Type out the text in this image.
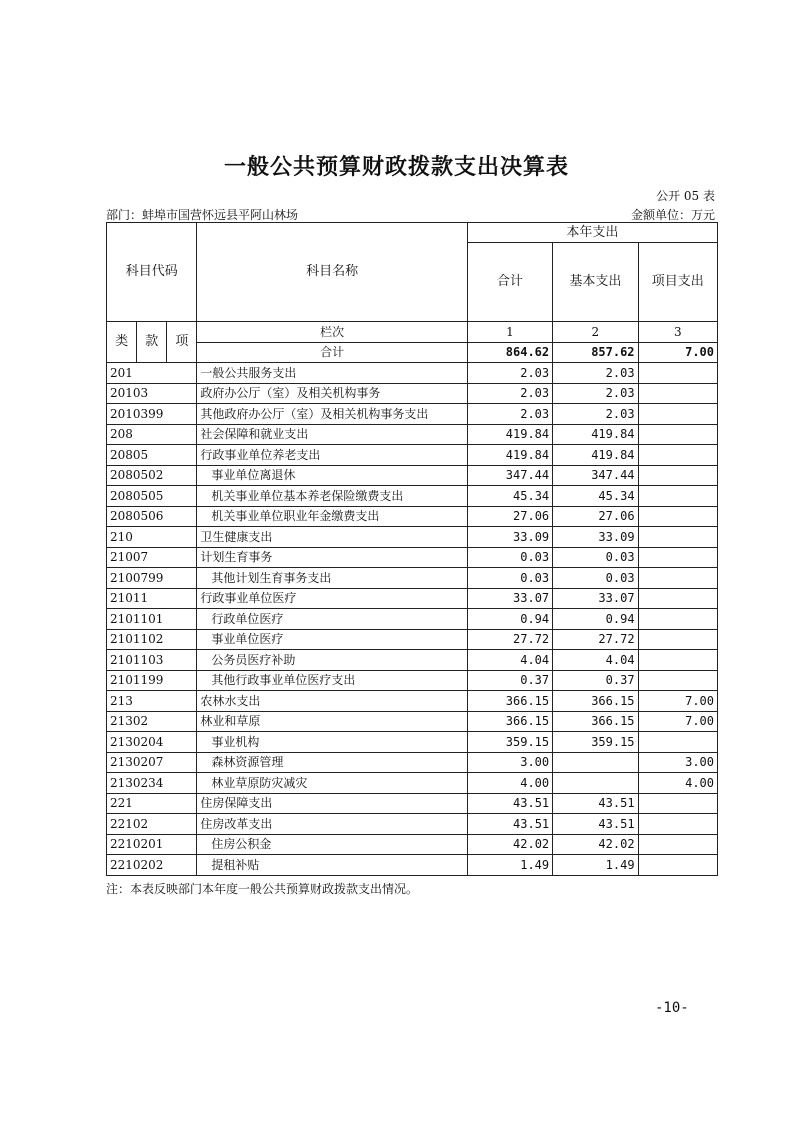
一般公共预算财政拨款支出决算表
公开 05 表
部门：蚌埠市国营怀远县平阿山林场	金额单位：万元
科目代码			科目名称	本年支出		
				合计	基本支出	项目支出
类	款	项	栏次	1	2	3
			合计	864.62	857.62	7.00
201			一般公共服务支出	2.03	2.03	
20103			政府办公厅（室）及相关机构事务	2.03	2.03	
2010399			其他政府办公厅（室）及相关机构事务支出	2.03	2.03	
208			社会保障和就业支出	419.84	419.84	
20805			行政事业单位养老支出	419.84	419.84	
2080502			事业单位离退休	347.44	347.44	
2080505			机关事业单位基本养老保险缴费支出	45.34	45.34	
2080506			机关事业单位职业年金缴费支出	27.06	27.06	
210			卫生健康支出	33.09	33.09	
21007			计划生育事务	0.03	0.03	
2100799			其他计划生育事务支出	0.03	0.03	
21011			行政事业单位医疗	33.07	33.07	
2101101			行政单位医疗	0.94	0.94	
2101102			事业单位医疗	27.72	27.72	
2101103			公务员医疗补助	4.04	4.04	
2101199			其他行政事业单位医疗支出	0.37	0.37	
213			农林水支出	366.15	366.15	7.00
21302			林业和草原	366.15	366.15	7.00
2130204			事业机构	359.15	359.15	
2130207			森林资源管理	3.00		3.00
2130234			林业草原防灾减灾	4.00		4.00
221			住房保障支出	43.51	43.51	
22102			住房改革支出	43.51	43.51	
2210201			住房公积金	42.02	42.02	
2210202			提租补贴	1.49	1.49	
注：本表反映部门本年度一般公共预算财政拨款支出情况。
-10-
